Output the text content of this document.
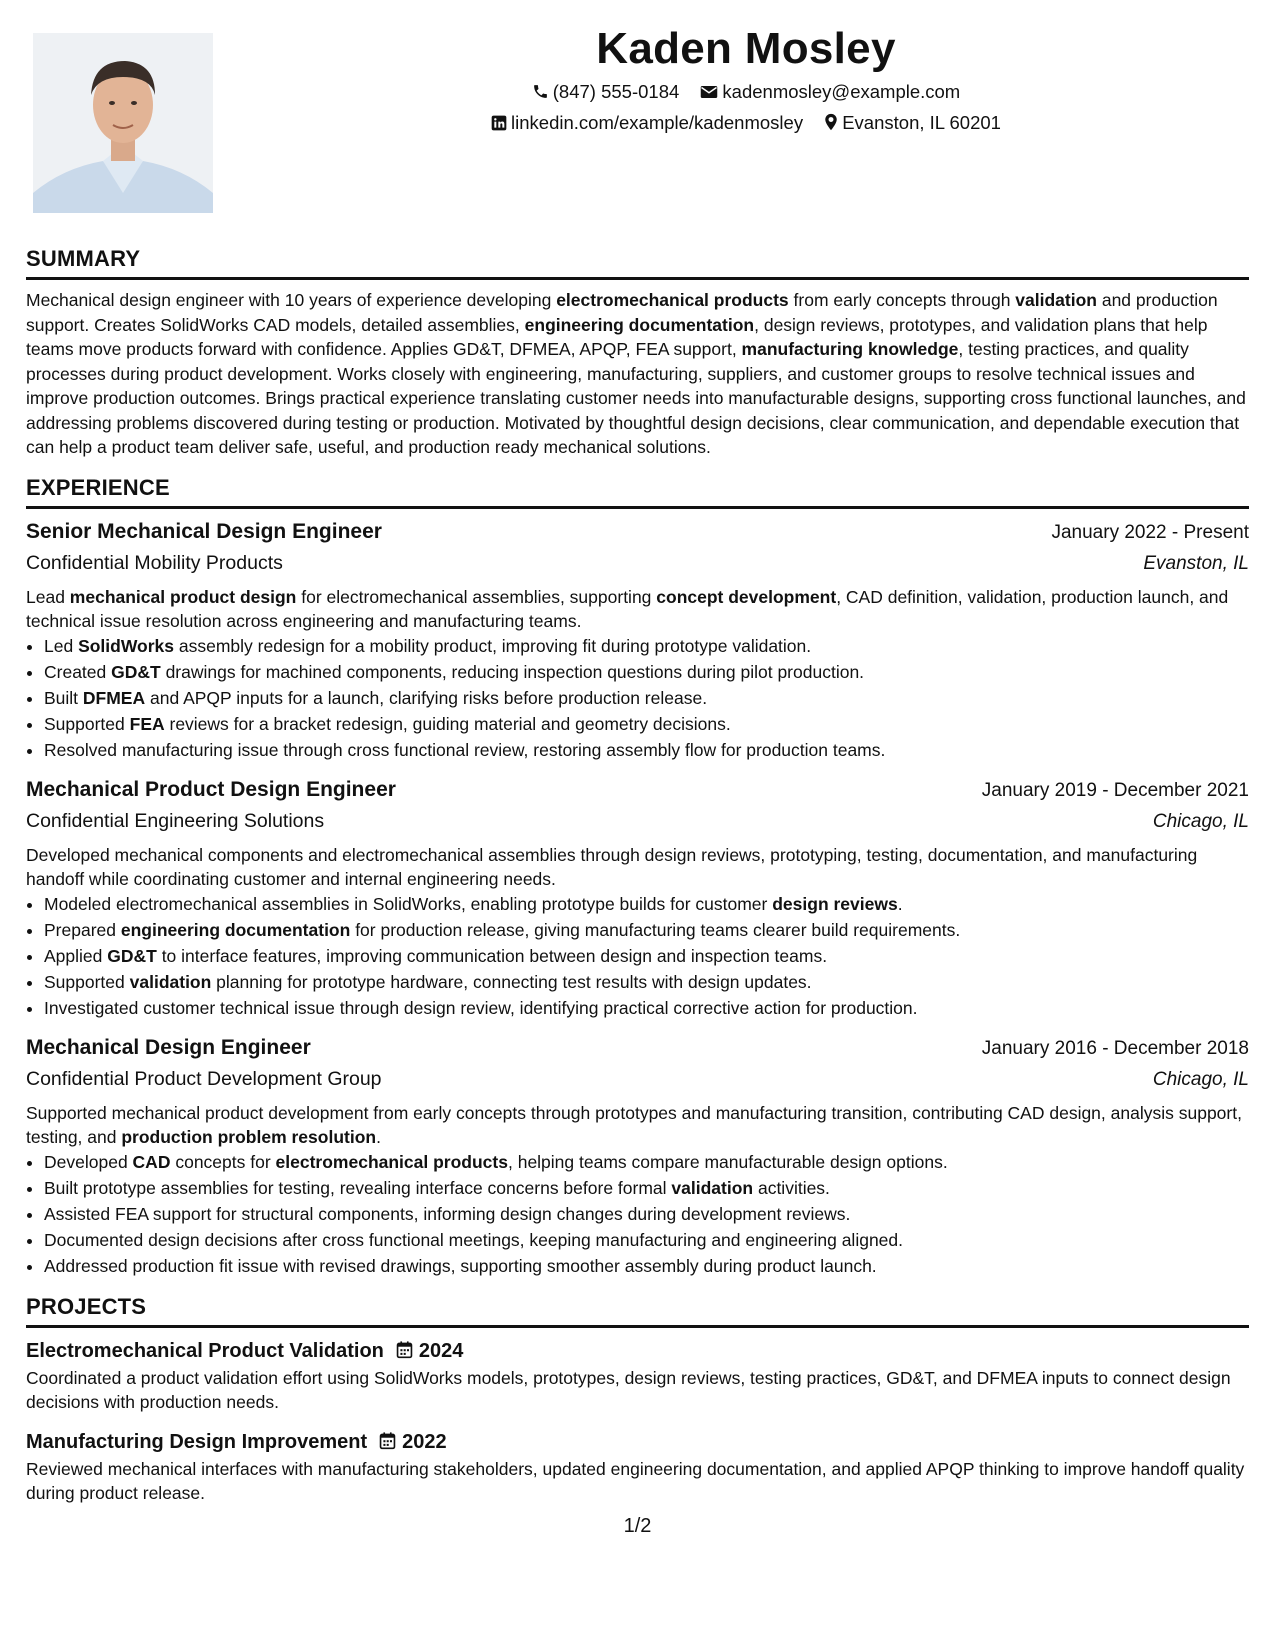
Kaden Mosley
(847) 555-0184 kadenmosley@example.com
linkedin.com/example/kadenmosley Evanston, IL 60201
SUMMARY

Mechanical design engineer with 10 years of experience developing electromechanical products from early concepts through validation and production support. Creates SolidWorks CAD models, detailed assemblies, engineering documentation, design reviews, prototypes, and validation plans that help teams move products forward with confidence. Applies GD&T, DFMEA, APQP, FEA support, manufacturing knowledge, testing practices, and quality processes during product development. Works closely with engineering, manufacturing, suppliers, and customer groups to resolve technical issues and improve production outcomes. Brings practical experience translating customer needs into manufacturable designs, supporting cross functional launches, and addressing problems discovered during testing or production. Motivated by thoughtful design decisions, clear communication, and dependable execution that can help a product team deliver safe, useful, and production ready mechanical solutions.

EXPERIENCE
Senior Mechanical Design Engineer	January 2022 - Present
Confidential Mobility Products	Evanston, IL

Lead mechanical product design for electromechanical assemblies, supporting concept development, CAD definition, validation, production launch, and technical issue resolution across engineering and manufacturing teams.

• Led SolidWorks assembly redesign for a mobility product, improving fit during prototype validation.
• Created GD&T drawings for machined components, reducing inspection questions during pilot production.
• Built DFMEA and APQP inputs for a launch, clarifying risks before production release.
• Supported FEA reviews for a bracket redesign, guiding material and geometry decisions.
• Resolved manufacturing issue through cross functional review, restoring assembly flow for production teams.
Mechanical Product Design Engineer	January 2019 - December 2021
Confidential Engineering Solutions	Chicago, IL

Developed mechanical components and electromechanical assemblies through design reviews, prototyping, testing, documentation, and manufacturing handoff while coordinating customer and internal engineering needs.

• Modeled electromechanical assemblies in SolidWorks, enabling prototype builds for customer design reviews.
• Prepared engineering documentation for production release, giving manufacturing teams clearer build requirements.
• Applied GD&T to interface features, improving communication between design and inspection teams.
• Supported validation planning for prototype hardware, connecting test results with design updates.
• Investigated customer technical issue through design review, identifying practical corrective action for production.
Mechanical Design Engineer	January 2016 - December 2018
Confidential Product Development Group	Chicago, IL

Supported mechanical product development from early concepts through prototypes and manufacturing transition, contributing CAD design, analysis support, testing, and production problem resolution.

• Developed CAD concepts for electromechanical products, helping teams compare manufacturable design options.
• Built prototype assemblies for testing, revealing interface concerns before formal validation activities.
• Assisted FEA support for structural components, informing design changes during development reviews.
• Documented design decisions after cross functional meetings, keeping manufacturing and engineering aligned.
• Addressed production fit issue with revised drawings, supporting smoother assembly during product launch.
PROJECTS
Electromechanical Product Validation 2024

Coordinated a product validation effort using SolidWorks models, prototypes, design reviews, testing practices, GD&T, and DFMEA inputs to connect design decisions with production needs.

Manufacturing Design Improvement 2022

Reviewed mechanical interfaces with manufacturing stakeholders, updated engineering documentation, and applied APQP thinking to improve handoff quality during product release.

1/2
